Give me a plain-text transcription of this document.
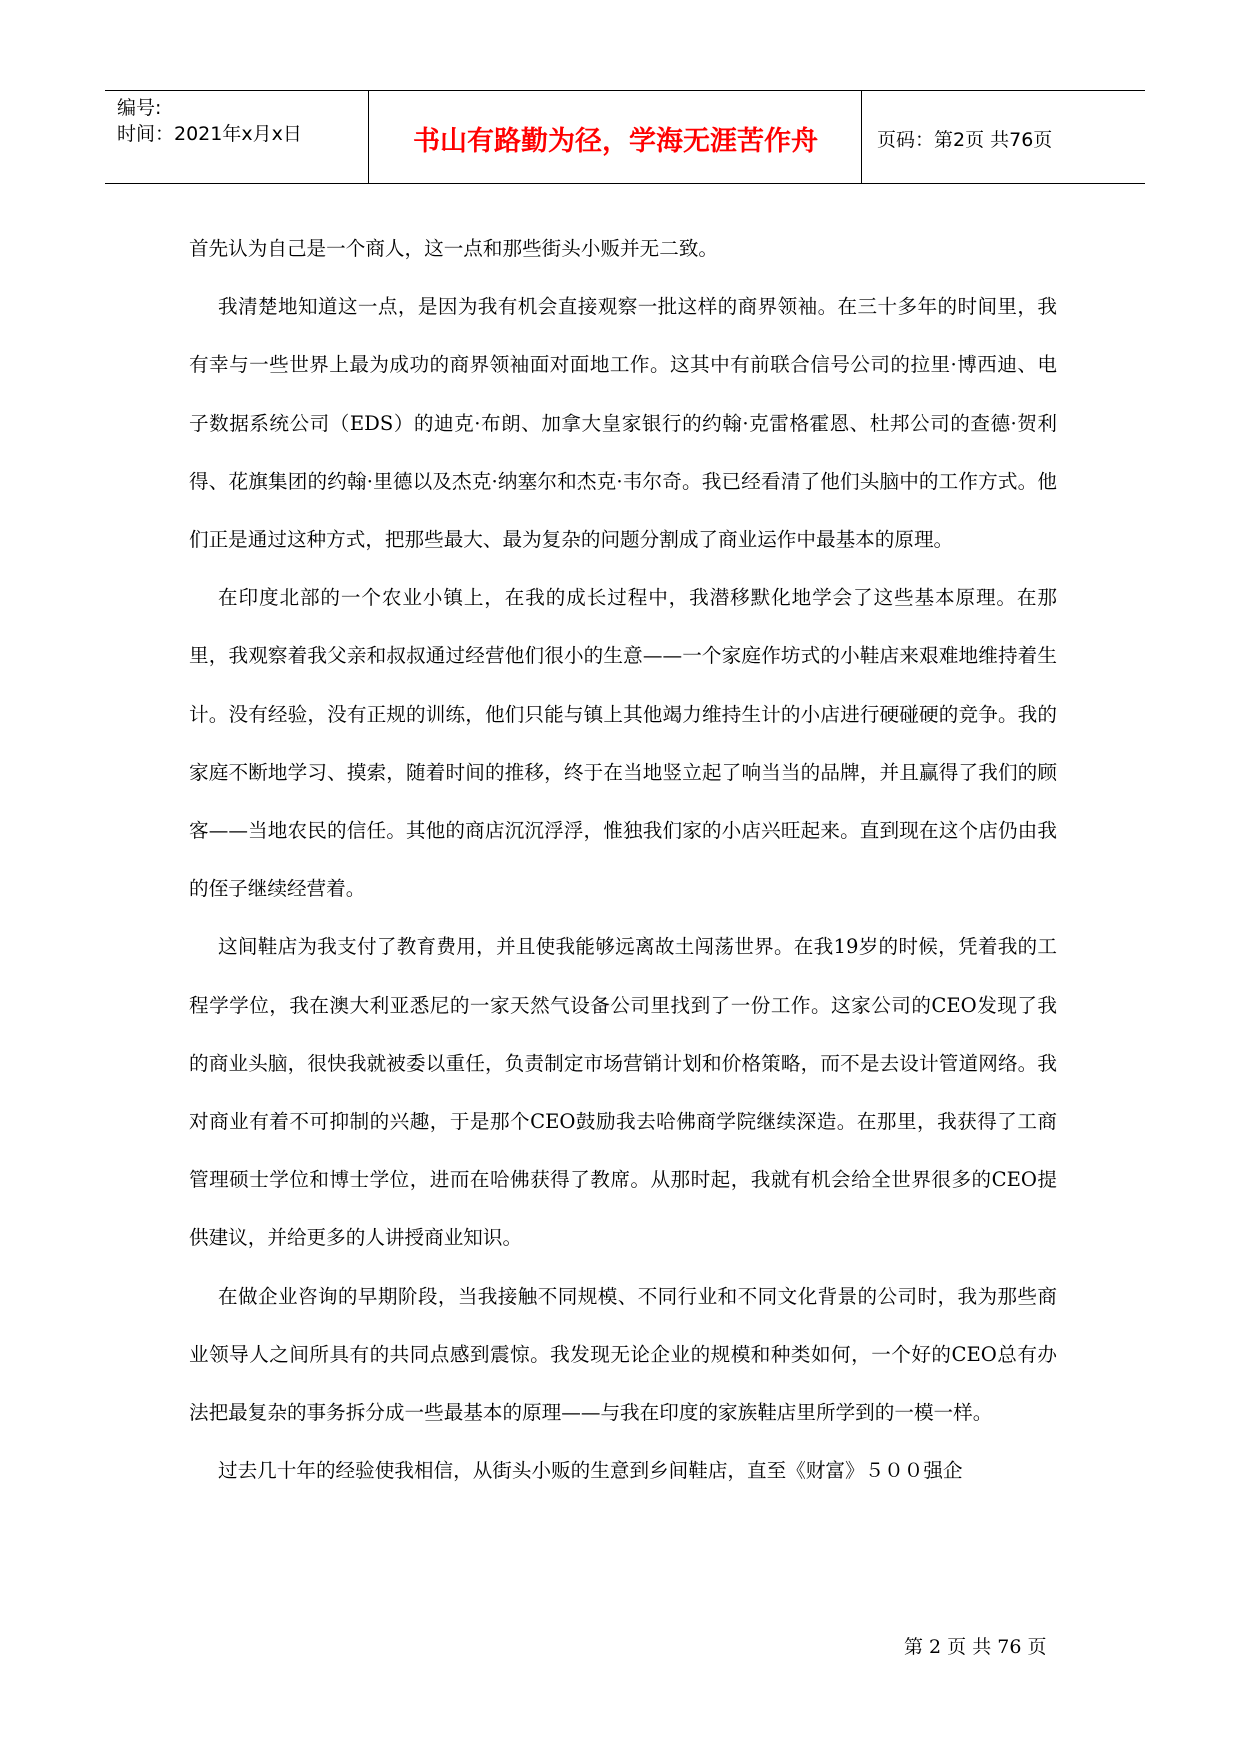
编号:
时间：2021年x月x日	书山有路勤为径，学海无涯苦作舟	页码：第2页 共76页

首先认为自己是一个商人，这一点和那些街头小贩并无二致。

我清楚地知道这一点，是因为我有机会直接观察一批这样的商界领袖。在三十多年的时间里，我有幸与一些世界上最为成功的商界领袖面对面地工作。这其中有前联合信号公司的拉里·博西迪、电子数据系统公司（EDS）的迪克·布朗、加拿大皇家银行的约翰·克雷格霍恩、杜邦公司的查德·贺利得、花旗集团的约翰·里德以及杰克·纳塞尔和杰克·韦尔奇。我已经看清了他们头脑中的工作方式。他们正是通过这种方式，把那些最大、最为复杂的问题分割成了商业运作中最基本的原理。

在印度北部的一个农业小镇上，在我的成长过程中，我潜移默化地学会了这些基本原理。在那里，我观察着我父亲和叔叔通过经营他们很小的生意——一个家庭作坊式的小鞋店来艰难地维持着生计。没有经验，没有正规的训练，他们只能与镇上其他竭力维持生计的小店进行硬碰硬的竞争。我的家庭不断地学习、摸索，随着时间的推移，终于在当地竖立起了响当当的品牌，并且赢得了我们的顾客——当地农民的信任。其他的商店沉沉浮浮，惟独我们家的小店兴旺起来。直到现在这个店仍由我的侄子继续经营着。

这间鞋店为我支付了教育费用，并且使我能够远离故土闯荡世界。在我19岁的时候，凭着我的工程学学位，我在澳大利亚悉尼的一家天然气设备公司里找到了一份工作。这家公司的CEO发现了我的商业头脑，很快我就被委以重任，负责制定市场营销计划和价格策略，而不是去设计管道网络。我对商业有着不可抑制的兴趣，于是那个CEO鼓励我去哈佛商学院继续深造。在那里，我获得了工商管理硕士学位和博士学位，进而在哈佛获得了教席。从那时起，我就有机会给全世界很多的CEO提供建议，并给更多的人讲授商业知识。

在做企业咨询的早期阶段，当我接触不同规模、不同行业和不同文化背景的公司时，我为那些商业领导人之间所具有的共同点感到震惊。我发现无论企业的规模和种类如何，一个好的CEO总有办法把最复杂的事务拆分成一些最基本的原理——与我在印度的家族鞋店里所学到的一模一样。

过去几十年的经验使我相信，从街头小贩的生意到乡间鞋店，直至《财富》５００强企

第 2 页 共 76 页
